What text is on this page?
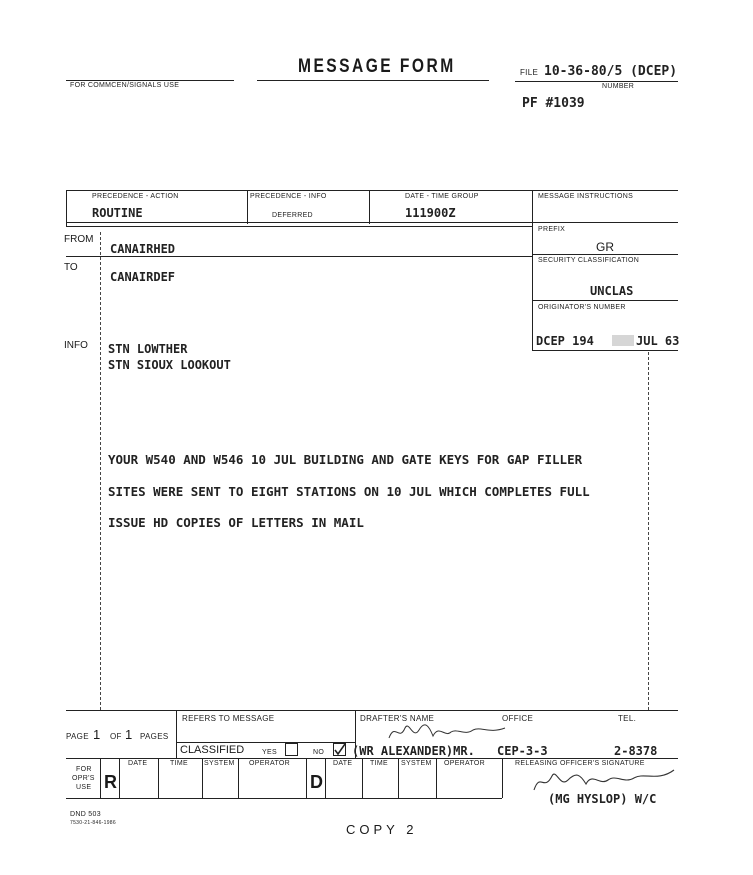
FOR COMMCEN/SIGNALS USE
MESSAGE FORM	FILE 10-36-80/5 (DCEP)
NUMBER
PF #1039
PRECEDENCE - ACTION
ROUTINE
PRECEDENCE - INFO
DEFERRED
DATE - TIME GROUP
111900Z
MESSAGE INSTRUCTIONS
PREFIX
GR
SECURITY CLASSIFICATION
UNCLAS
ORIGINATOR'S NUMBER
DCEP 194	JUL 63
FROM
CANAIRHED
TO
CANAIRDEF
INFO STN LOWTHER
STN SIOUX LOOKOUT
YOUR W540 AND W546 10 JUL BUILDING AND GATE KEYS FOR GAP FILLER
SITES WERE SENT TO EIGHT STATIONS ON 10 JUL WHICH COMPLETES FULL
ISSUE HD COPIES OF LETTERS IN MAIL
PAGE 1 OF 1 PAGES
REFERS TO MESSAGE
CLASSIFIED	YES	NO
DRAFTER'S NAME
(WR ALEXANDER)MR.
OFFICE
CEP-3-3
TEL.
2-8378
FOR
OPR'S
USE R
DATE	TIME SYSTEM OPERATOR
D
DATE	TIME SYSTEM OPERATOR	RELEASING OFFICER'S SIGNATURE
(MG HYSLOP) W/C
DND 503
7530-21-846-1986	COPY 2
